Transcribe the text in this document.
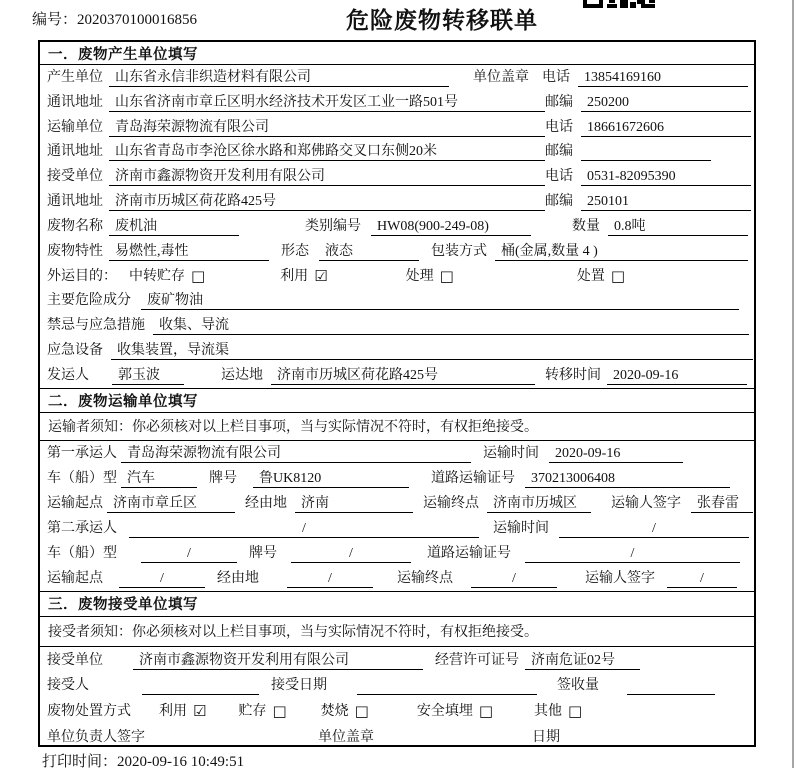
编号：2020370100016856	危险废物转移联单
一．废物产生单位填写
产生单位 山东省永信非织造材料有限公司	单位盖章 电话	13854169160
通讯地址 山东省济南市章丘区明水经济技术开发区工业一路501号	邮编	250200
运输单位 青岛海荣源物流有限公司	电话	18661672606
通讯地址 山东省青岛市李沧区徐水路和郑佛路交叉口东侧20米	邮编
接受单位 济南市鑫源物资开发利用有限公司	电话	0531-82095390
通讯地址 济南市历城区荷花路425号	邮编	250101
废物名称 废机油	类别编号	HW08(900-249-08)	数量	0.8吨
废物特性 易燃性,毒性	形态	液态	包装方式	桶(金属,数量 4 )
外运目的： 中转贮存 □	利用 ☑	处理 □	处置 □
主要危险成分	废矿物油
禁忌与应急措施	收集、导流
应急设备	收集装置，导流渠
发运人	郭玉波	运达地	济南市历城区荷花路425号	转移时间 2020-09-16
二．废物运输单位填写
运输者须知：你必须核对以上栏目事项，当与实际情况不符时，有权拒绝接受。
第一承运人 青岛海荣源物流有限公司	运输时间	2020-09-16
车（船）型 汽车	牌号	鲁UK8120	道路运输证号	370213006408
运输起点 济南市章丘区	经由地	济南	运输终点	济南市历城区	运输人签字	张春雷
第二承运人	/	运输时间	/
车（船）型	/	牌号	/	道路运输证号	/
运输起点	/	经由地	/	运输终点	/	运输人签字	/
三．废物接受单位填写
接受者须知：你必须核对以上栏目事项，当与实际情况不符时，有权拒绝接受。
接受单位	济南市鑫源物资开发利用有限公司	经营许可证号 济南危证02号
接受人	接受日期	签收量
废物处置方式 利用 ☑ 贮存 □ 焚烧 □	安全填埋 □	其他 □
单位负责人签字	单位盖章	日期
打印时间：2020-09-16 10:49:51
